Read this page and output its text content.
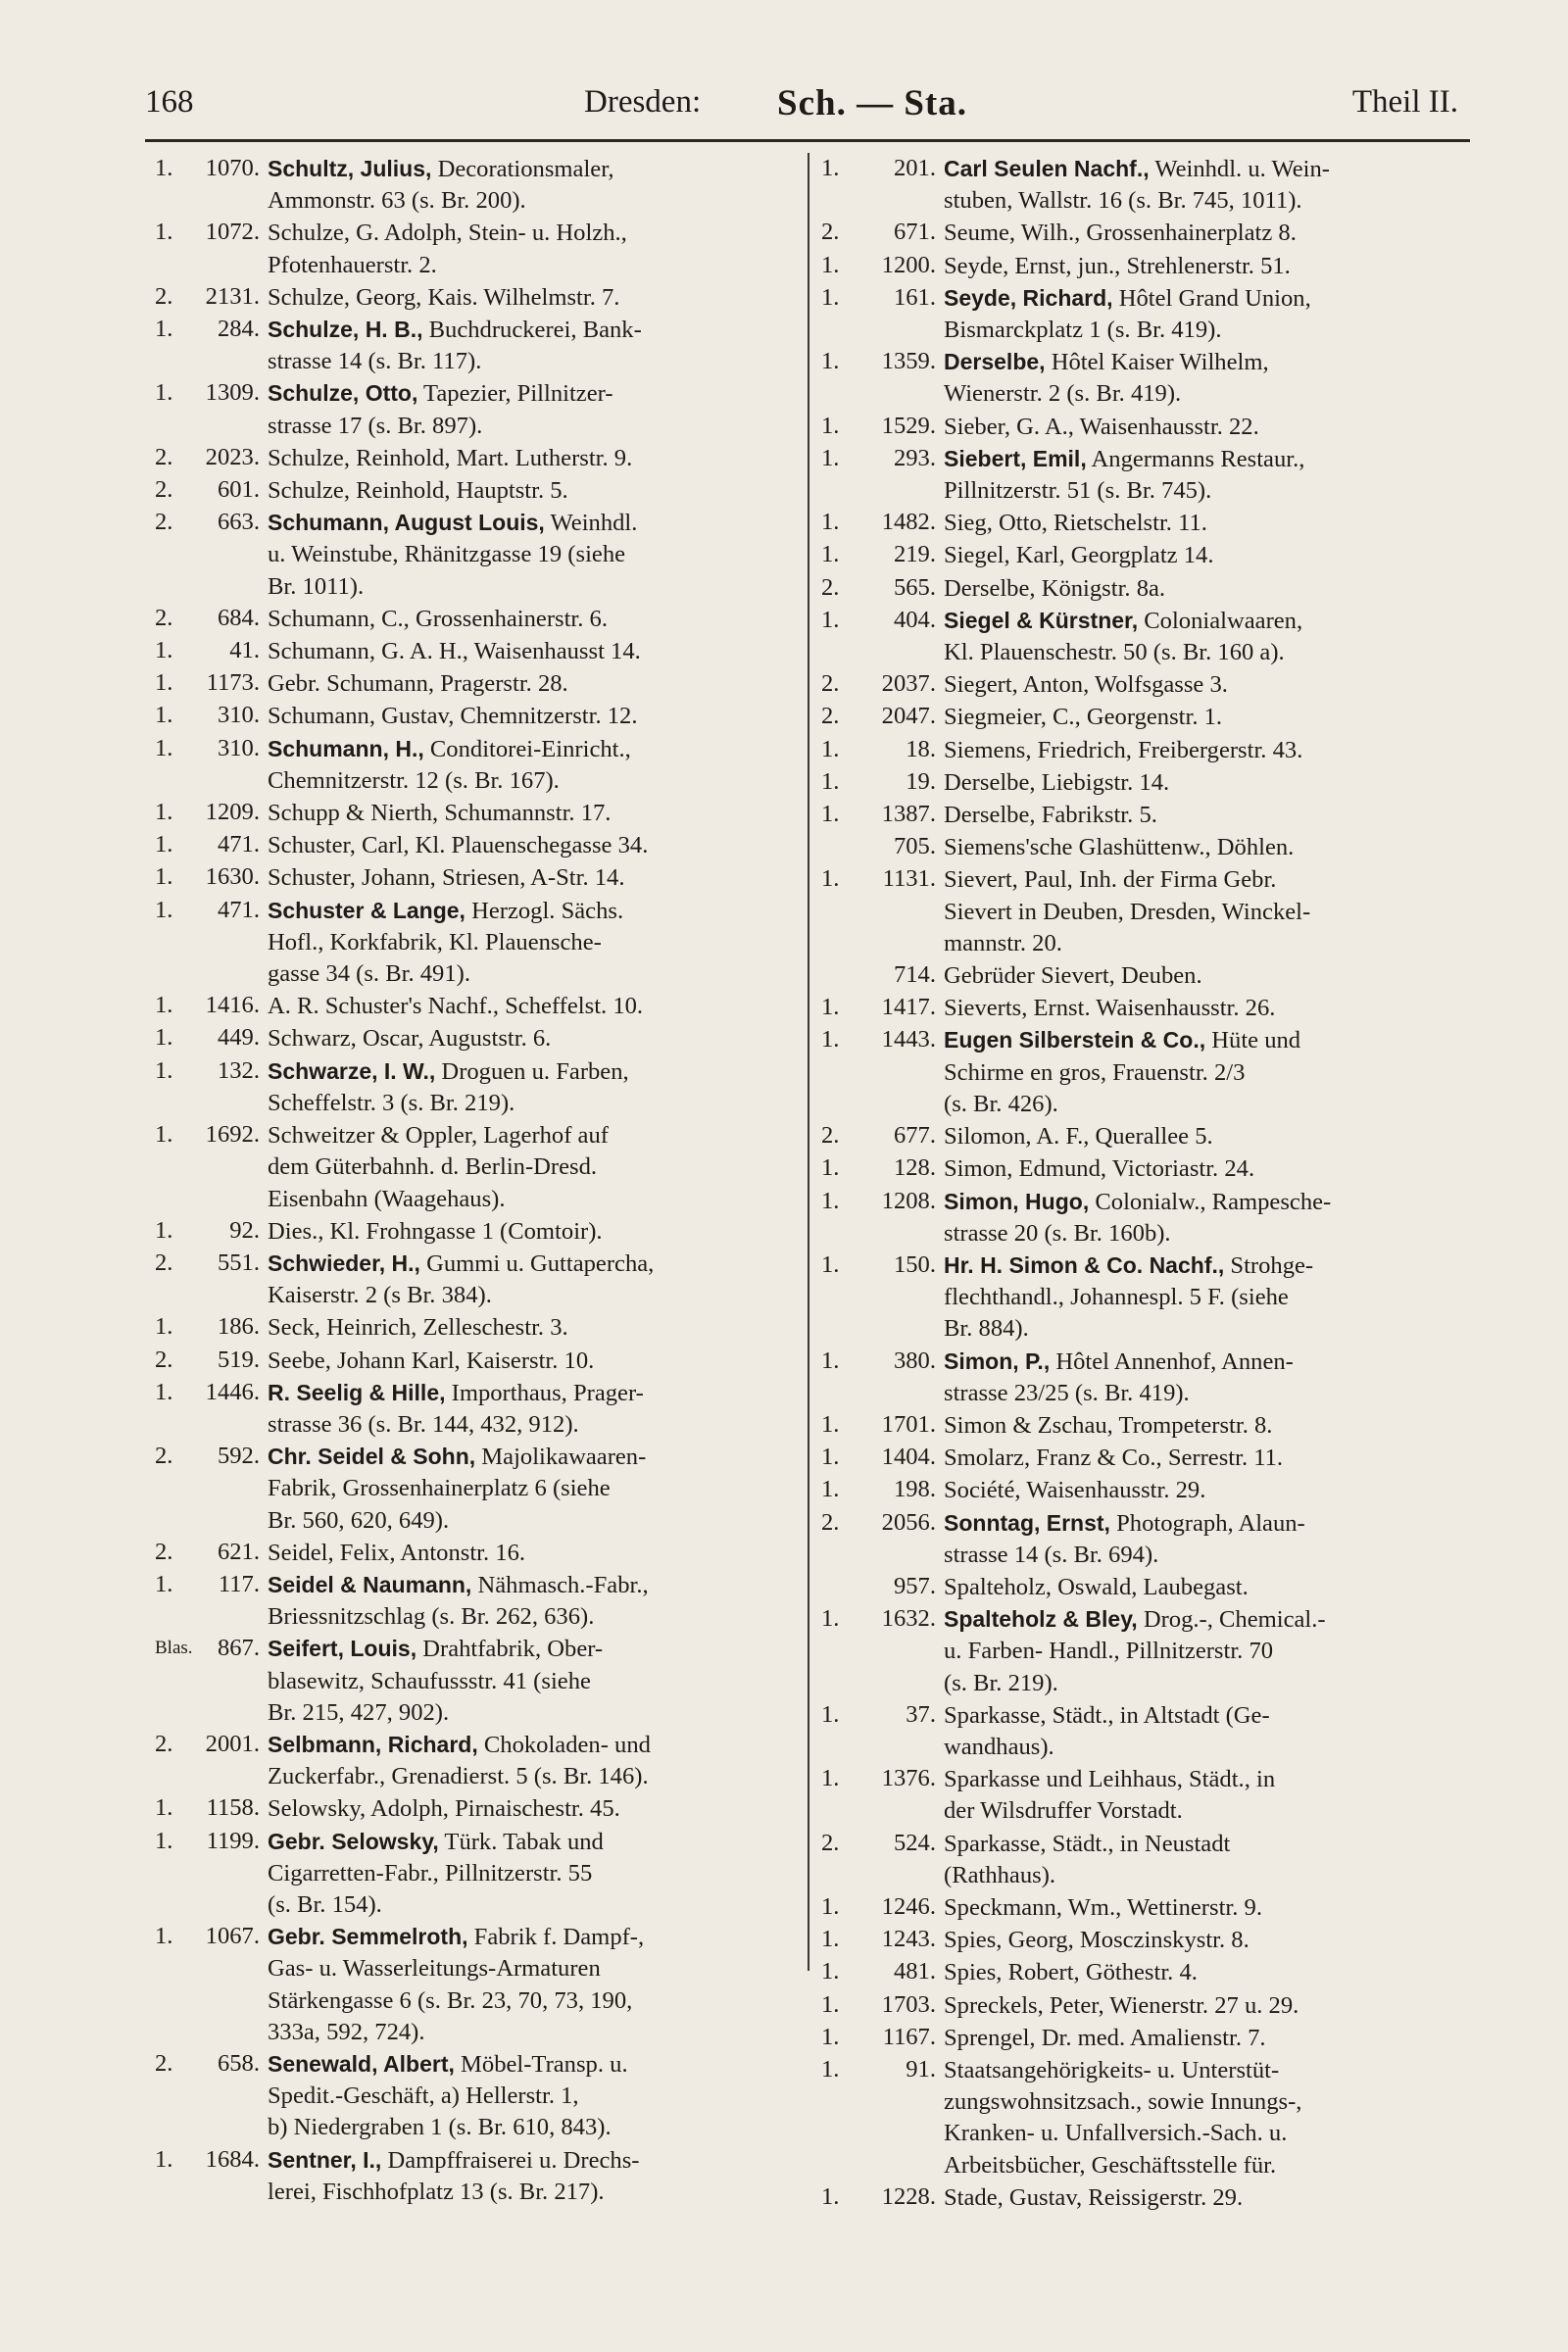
168	Dresden: Sch. — Sta.	Theil II.
1.	1070. Schultz, Julius, Decorationsmaler,
Ammonstr. 63 (s. Br. 200).
1.	1072. Schulze, G. Adolph, Stein- u. Holzh.,
Pfotenhauerstr. 2.
2.	2131. Schulze, Georg, Kais. Wilhelmstr. 7.
1.	284. Schulze, H. B., Buchdruckerei, Bank-
strasse 14 (s. Br. 117).
1.	1309. Schulze, Otto, Tapezier, Pillnitzer-
strasse 17 (s. Br. 897).
2.	2023. Schulze, Reinhold, Mart. Lutherstr. 9.
2.	601. Schulze, Reinhold, Hauptstr. 5.
2.	663. Schumann, August Louis, Weinhdl.
u. Weinstube, Rhänitzgasse 19 (siehe
Br. 1011).
2.	684. Schumann, C., Grossenhainerstr. 6.
1.	41. Schumann, G. A. H., Waisenhausst 14.
1.	1173. Gebr. Schumann, Pragerstr. 28.
1.	310. Schumann, Gustav, Chemnitzerstr. 12.
1.	310. Schumann, H., Conditorei-Einricht.,
Chemnitzerstr. 12 (s. Br. 167).
1.	1209. Schupp & Nierth, Schumannstr. 17.
1.	471. Schuster, Carl, Kl. Plauenschegasse 34.
1.	1630. Schuster, Johann, Striesen, A-Str. 14.
1.	471. Schuster & Lange, Herzogl. Sächs.
Hofl., Korkfabrik, Kl. Plauensche-
gasse 34 (s. Br. 491).
1.	1416. A. R. Schuster's Nachf., Scheffelst. 10.
1.	449. Schwarz, Oscar, Auguststr. 6.
1.	132. Schwarze, I. W., Droguen u. Farben,
Scheffelstr. 3 (s. Br. 219).
1.	1692. Schweitzer & Oppler, Lagerhof auf
dem Güterbahnh. d. Berlin-Dresd.
Eisenbahn (Waagehaus).
1.	92. Dies., Kl. Frohngasse 1 (Comtoir).
2.	551. Schwieder, H., Gummi u. Guttapercha,
Kaiserstr. 2 (s Br. 384).
1.	186. Seck, Heinrich, Zelleschestr. 3.
2.	519. Seebe, Johann Karl, Kaiserstr. 10.
1.	1446. R. Seelig & Hille, Importhaus, Prager-
strasse 36 (s. Br. 144, 432, 912).
2.	592. Chr. Seidel & Sohn, Majolikawaaren-
Fabrik, Grossenhainerplatz 6 (siehe
Br. 560, 620, 649).
2.	621. Seidel, Felix, Antonstr. 16.
1.	117. Seidel & Naumann, Nähmasch.-Fabr.,
Briessnitzschlag (s. Br. 262, 636).
Blas.	867. Seifert, Louis, Drahtfabrik, Ober-
blasewitz, Schaufussstr. 41 (siehe
Br. 215, 427, 902).
2.	2001. Selbmann, Richard, Chokoladen- und
Zuckerfabr., Grenadierst. 5 (s. Br. 146).
1.	1158. Selowsky, Adolph, Pirnaischestr. 45.
1.	1199. Gebr. Selowsky, Türk. Tabak und
Cigarretten-Fabr., Pillnitzerstr. 55
(s. Br. 154).
1.	1067. Gebr. Semmelroth, Fabrik f. Dampf-,
Gas- u. Wasserleitungs-Armaturen
Stärkengasse 6 (s. Br. 23, 70, 73, 190,
333a, 592, 724).
2.	658. Senewald, Albert, Möbel-Transp. u.
Spedit.-Geschäft, a) Hellerstr. 1,
b) Niedergraben 1 (s. Br. 610, 843).
1.	1684. Sentner, I., Dampffraiserei u. Drechs-
lerei, Fischhofplatz 13 (s. Br. 217).
1.	201. Carl Seulen Nachf., Weinhdl. u. Wein-
stuben, Wallstr. 16 (s. Br. 745, 1011).
2.	671. Seume, Wilh., Grossenhainerplatz 8.
1.	1200. Seyde, Ernst, jun., Strehlenerstr. 51.
1.	161. Seyde, Richard, Hôtel Grand Union,
Bismarckplatz 1 (s. Br. 419).
1.	1359. Derselbe, Hôtel Kaiser Wilhelm,
Wienerstr. 2 (s. Br. 419).
1.	1529. Sieber, G. A., Waisenhausstr. 22.
1.	293. Siebert, Emil, Angermanns Restaur.,
Pillnitzerstr. 51 (s. Br. 745).
1.	1482. Sieg, Otto, Rietschelstr. 11.
1.	219. Siegel, Karl, Georgplatz 14.
2.	565. Derselbe, Königstr. 8a.
1.	404. Siegel & Kürstner, Colonialwaaren,
Kl. Plauenschestr. 50 (s. Br. 160 a).
2.	2037. Siegert, Anton, Wolfsgasse 3.
2.	2047. Siegmeier, C., Georgenstr. 1.
1.	18. Siemens, Friedrich, Freibergerstr. 43.
1.	19. Derselbe, Liebigstr. 14.
1.	1387. Derselbe, Fabrikstr. 5.
705. Siemens'sche Glashüttenw., Döhlen.
1.	1131. Sievert, Paul, Inh. der Firma Gebr.
Sievert in Deuben, Dresden, Winckel-
mannstr. 20.
714. Gebrüder Sievert, Deuben.
1.	1417. Sieverts, Ernst. Waisenhausstr. 26.
1.	1443. Eugen Silberstein & Co., Hüte und
Schirme en gros, Frauenstr. 2/3
(s. Br. 426).
2.	677. Silomon, A. F., Querallee 5.
1.	128. Simon, Edmund, Victoriastr. 24.
1.	1208. Simon, Hugo, Colonialw., Rampesche-
strasse 20 (s. Br. 160b).
1.	150. Hr. H. Simon & Co. Nachf., Strohge-
flechthandl., Johannespl. 5 F. (siehe
Br. 884).
1.	380. Simon, P., Hôtel Annenhof, Annen-
strasse 23/25 (s. Br. 419).
1.	1701. Simon & Zschau, Trompeterstr. 8.
1.	1404. Smolarz, Franz & Co., Serrestr. 11.
1.	198. Société, Waisenhausstr. 29.
2.	2056. Sonntag, Ernst, Photograph, Alaun-
strasse 14 (s. Br. 694).
957. Spalteholz, Oswald, Laubegast.
1.	1632. Spalteholz & Bley, Drog.-, Chemical.-
u. Farben- Handl., Pillnitzerstr. 70
(s. Br. 219).
1.	37. Sparkasse, Städt., in Altstadt (Ge-
wandhaus).
1.	1376. Sparkasse und Leihhaus, Städt., in
der Wilsdruffer Vorstadt.
2.	524. Sparkasse, Städt., in Neustadt
(Rathhaus).
1.	1246. Speckmann, Wm., Wettinerstr. 9.
1.	1243. Spies, Georg, Mosczinskystr. 8.
1.	481. Spies, Robert, Göthestr. 4.
1.	1703. Spreckels, Peter, Wienerstr. 27 u. 29.
1.	1167. Sprengel, Dr. med. Amalienstr. 7.
1.	91. Staatsangehörigkeits- u. Unterstüt-
zungswohnsitzsach., sowie Innungs-,
Kranken- u. Unfallversich.-Sach. u.
Arbeitsbücher, Geschäftsstelle für.
1.	1228. Stade, Gustav, Reissigerstr. 29.
